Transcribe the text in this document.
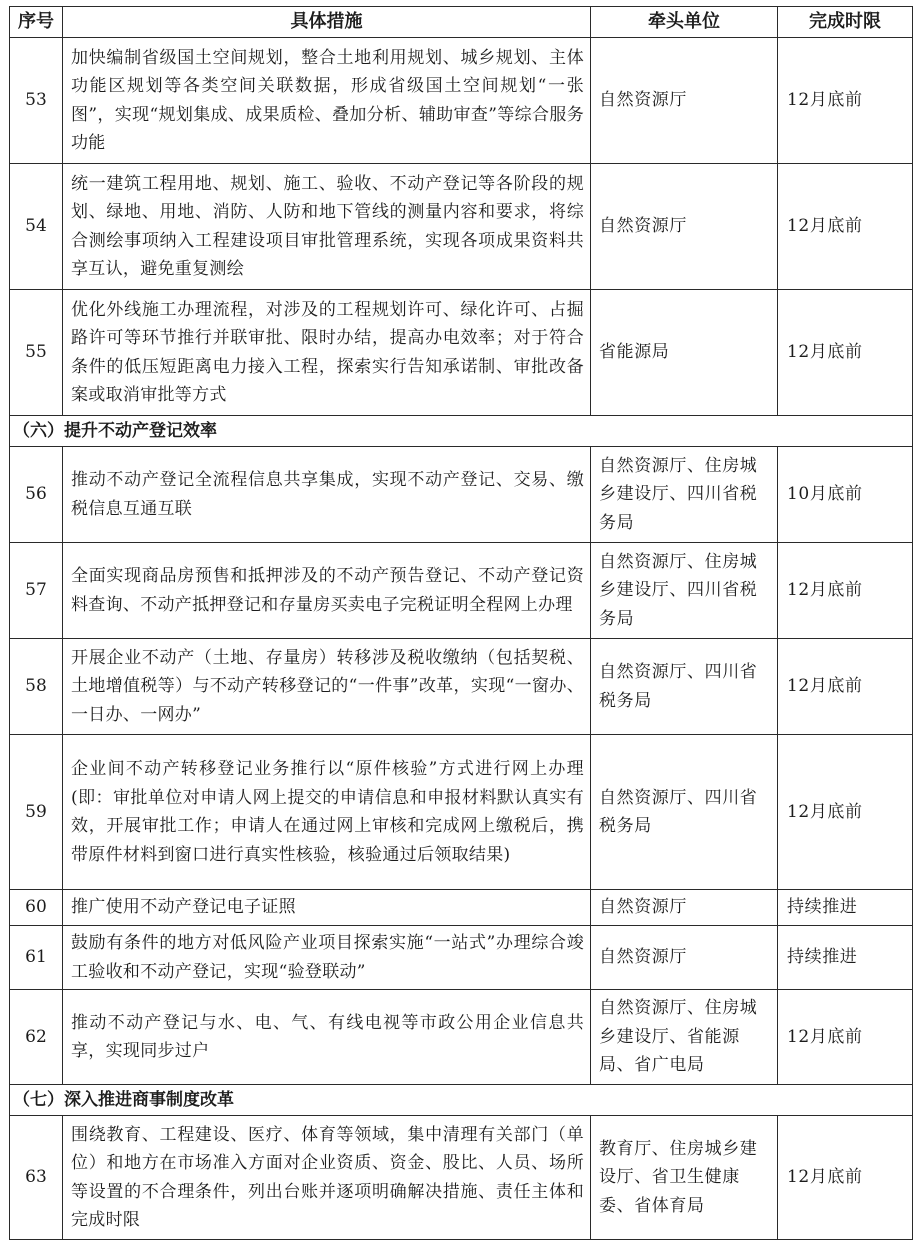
序号	具体措施	牵头单位	完成时限
53	加快编制省级国土空间规划，整合土地利用规划、城乡规划、主体功能区规划等各类空间关联数据，形成省级国土空间规划“一张图”，实现“规划集成、成果质检、叠加分析、辅助审查”等综合服务功能	自然资源厅	12月底前
54	统一建筑工程用地、规划、施工、验收、不动产登记等各阶段的规划、绿地、用地、消防、人防和地下管线的测量内容和要求，将综合测绘事项纳入工程建设项目审批管理系统，实现各项成果资料共享互认，避免重复测绘	自然资源厅	12月底前
55	优化外线施工办理流程，对涉及的工程规划许可、绿化许可、占掘路许可等环节推行并联审批、限时办结，提高办电效率；对于符合条件的低压短距离电力接入工程，探索实行告知承诺制、审批改备案或取消审批等方式	省能源局	12月底前
（六）提升不动产登记效率			
56	推动不动产登记全流程信息共享集成，实现不动产登记、交易、缴税信息互通互联	自然资源厅、住房城乡建设厅、四川省税务局	10月底前
57	全面实现商品房预售和抵押涉及的不动产预告登记、不动产登记资料查询、不动产抵押登记和存量房买卖电子完税证明全程网上办理	自然资源厅、住房城乡建设厅、四川省税务局	12月底前
58	开展企业不动产（土地、存量房）转移涉及税收缴纳（包括契税、土地增值税等）与不动产转移登记的“一件事”改革，实现“一窗办、一日办、一网办”	自然资源厅、四川省税务局	12月底前
59	企业间不动产转移登记业务推行以“原件核验”方式进行网上办理(即：审批单位对申请人网上提交的申请信息和申报材料默认真实有效，开展审批工作；申请人在通过网上审核和完成网上缴税后，携带原件材料到窗口进行真实性核验，核验通过后领取结果)	自然资源厅、四川省税务局	12月底前
60	推广使用不动产登记电子证照	自然资源厅	持续推进
61	鼓励有条件的地方对低风险产业项目探索实施“一站式”办理综合竣工验收和不动产登记，实现“验登联动”	自然资源厅	持续推进
62	推动不动产登记与水、电、气、有线电视等市政公用企业信息共享，实现同步过户	自然资源厅、住房城乡建设厅、省能源局、省广电局	12月底前
（七）深入推进商事制度改革			
63	围绕教育、工程建设、医疗、体育等领域，集中清理有关部门（单位）和地方在市场准入方面对企业资质、资金、股比、人员、场所等设置的不合理条件，列出台账并逐项明确解决措施、责任主体和完成时限	教育厅、住房城乡建设厅、省卫生健康委、省体育局	12月底前
